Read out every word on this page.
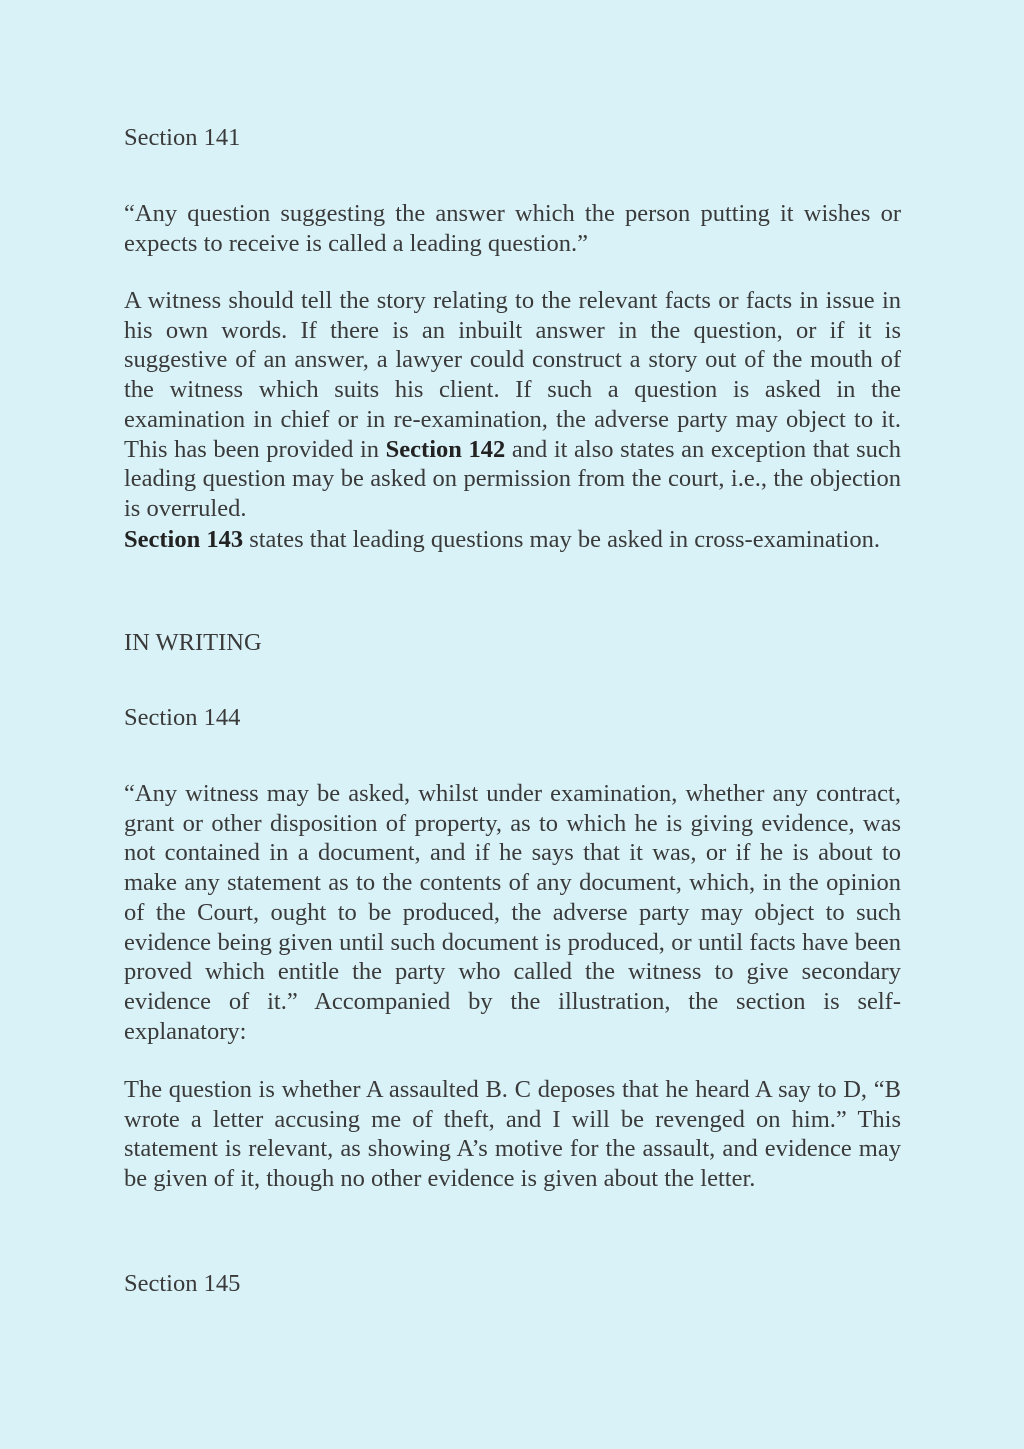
Section 141

“Any question suggesting the answer which the person putting it wishes or expects to receive is called a leading question.”

A witness should tell the story relating to the relevant facts or facts in issue in his own words. If there is an inbuilt answer in the question, or if it is suggestive of an answer, a lawyer could construct a story out of the mouth of the witness which suits his client. If such a question is asked in the examination in chief or in re-examination, the adverse party may object to it. This has been provided in Section 142 and it also states an exception that such leading question may be asked on permission from the court, i.e., the objection is overruled.

Section 143 states that leading questions may be asked in cross-examination.

IN WRITING

Section 144

“Any witness may be asked, whilst under examination, whether any contract, grant or other disposition of property, as to which he is giving evidence, was not contained in a document, and if he says that it was, or if he is about to make any statement as to the contents of any document, which, in the opinion of the Court, ought to be produced, the adverse party may object to such evidence being given until such document is produced, or until facts have been proved which entitle the party who called the witness to give secondary evidence of it.” Accompanied by the illustration, the section is self-explanatory:

The question is whether A assaulted B. C deposes that he heard A say to D, “B wrote a letter accusing me of theft, and I will be revenged on him.” This statement is relevant, as showing A’s motive for the assault, and evidence may be given of it, though no other evidence is given about the letter.

Section 145
